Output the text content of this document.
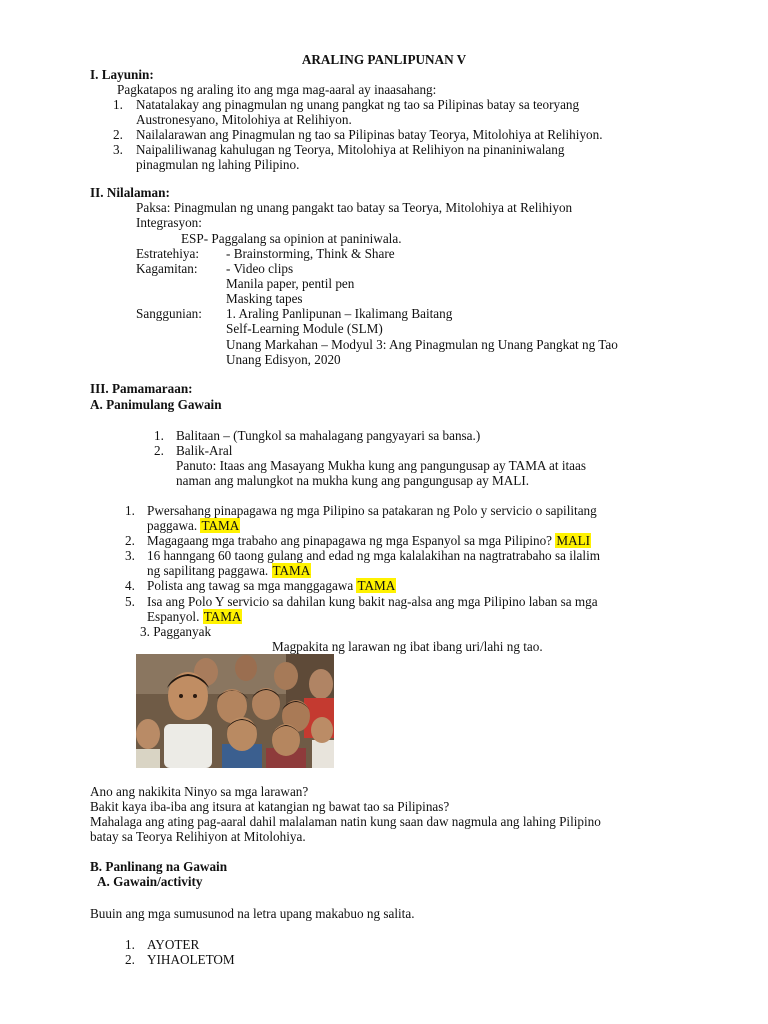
ARALING PANLIPUNAN V
I. Layunin:
Pagkatapos ng araling ito ang mga mag-aaral ay inaasahang:
1. Natatalakay ang pinagmulan ng unang pangkat ng tao sa Pilipinas batay sa teoryang
Austronesyano, Mitolohiya at Relihiyon.
2. Nailalarawan ang Pinagmulan ng tao sa Pilipinas batay Teorya, Mitolohiya at Relihiyon.
3. Naipaliliwanag kahulugan ng Teorya, Mitolohiya at Relihiyon na pinaniniwalang
pinagmulan ng lahing Pilipino.
II. Nilalaman:
Paksa: Pinagmulan ng unang pangakt tao batay sa Teorya, Mitolohiya at Relihiyon
Integrasyon:
ESP- Paggalang sa opinion at paniniwala.
Estratehiya: - Brainstorming, Think & Share
Kagamitan: - Video clips
Manila paper, pentil pen
Masking tapes
Sanggunian: 1. Araling Panlipunan – Ikalimang Baitang
Self-Learning Module (SLM)
Unang Markahan – Modyul 3: Ang Pinagmulan ng Unang Pangkat ng Tao
Unang Edisyon, 2020
III. Pamamaraan:
A. Panimulang Gawain
1. Balitaan – (Tungkol sa mahalagang pangyayari sa bansa.)
2. Balik-Aral
Panuto: Itaas ang Masayang Mukha kung ang pangungusap ay TAMA at itaas
naman ang malungkot na mukha kung ang pangungusap ay MALI.
1. Pwersahang pinapagawa ng mga Pilipino sa patakaran ng Polo y servicio o sapilitang
paggawa. TAMA
2. Magagaang mga trabaho ang pinapagawa ng mga Espanyol sa mga Pilipino? MALI
3. 16 hanngang 60 taong gulang and edad ng mga kalalakihan na nagtratrabaho sa ilalim
ng sapilitang paggawa. TAMA
4. Polista ang tawag sa mga manggagawa TAMA
5. Isa ang Polo Y servicio sa dahilan kung bakit nag-alsa ang mga Pilipino laban sa mga
Espanyol. TAMA
3. Pagganyak
Magpakita ng larawan ng ibat ibang uri/lahi ng tao.
Ano ang nakikita Ninyo sa mga larawan?
Bakit kaya iba-iba ang itsura at katangian ng bawat tao sa Pilipinas?
Mahalaga ang ating pag-aaral dahil malalaman natin kung saan daw nagmula ang lahing Pilipino
batay sa Teorya Relihiyon at Mitolohiya.
B. Panlinang na Gawain
A. Gawain/activity
Buuin ang mga sumusunod na letra upang makabuo ng salita.
1. AYOTER
2. YIHAOLETOM
